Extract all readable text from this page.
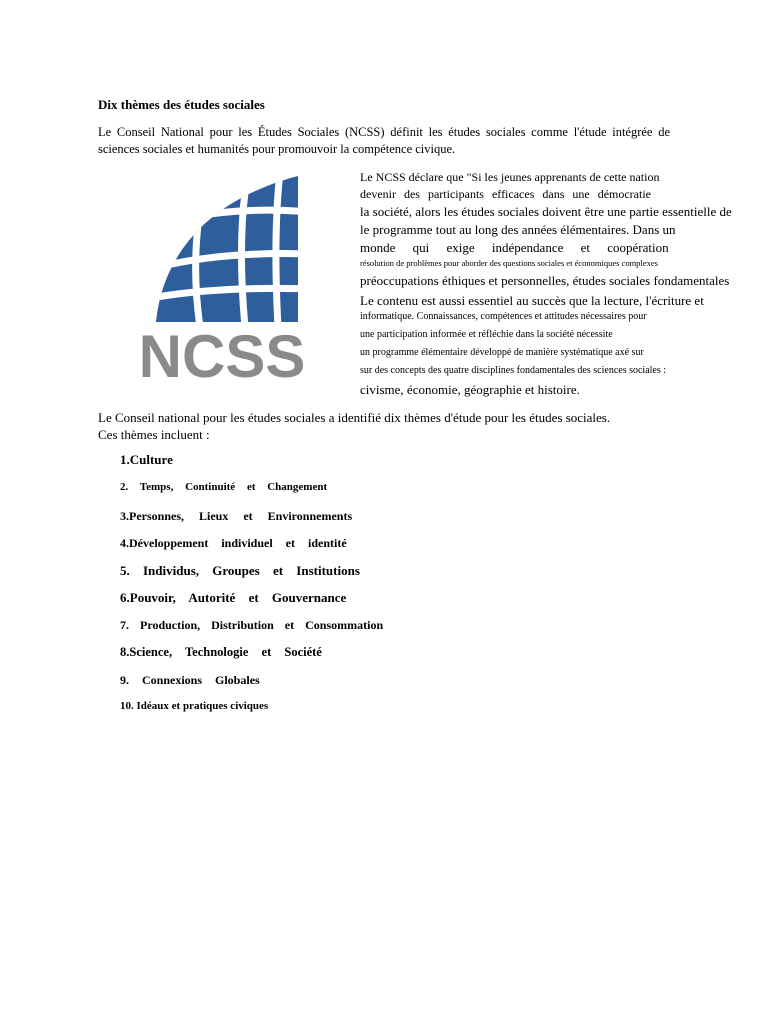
Dix thèmes des études sociales
Le Conseil National pour les Études Sociales (NCSS) définit les études sociales comme l'étude intégrée de
sciences sociales et humanités pour promouvoir la compétence civique.
NCSS
Le NCSS déclare que "Si les jeunes apprenants de cette nation
devenir des participants efficaces dans une démocratie
la société, alors les études sociales doivent être une partie essentielle de
le programme tout au long des années élémentaires. Dans un
monde qui exige indépendance et coopération
résolution de problèmes pour aborder des questions sociales et économiques complexes
préoccupations éthiques et personnelles, études sociales fondamentales
Le contenu est aussi essentiel au succès que la lecture, l'écriture et
informatique. Connaissances, compétences et attitudes nécessaires pour
une participation informée et réfléchie dans la société nécessite
un programme élémentaire développé de manière systématique axé sur
sur des concepts des quatre disciplines fondamentales des sciences sociales :
civisme, économie, géographie et histoire.
Le Conseil national pour les études sociales a identifié dix thèmes d'étude pour les études sociales.
Ces thèmes incluent :
1.Culture
2. Temps, Continuité et Changement
3.Personnes, Lieux et Environnements
4.Développement individuel et identité
5. Individus, Groupes et Institutions
6.Pouvoir, Autorité et Gouvernance
7. Production, Distribution et Consommation
8.Science, Technologie et Société
9. Connexions Globales
10. Idéaux et pratiques civiques
